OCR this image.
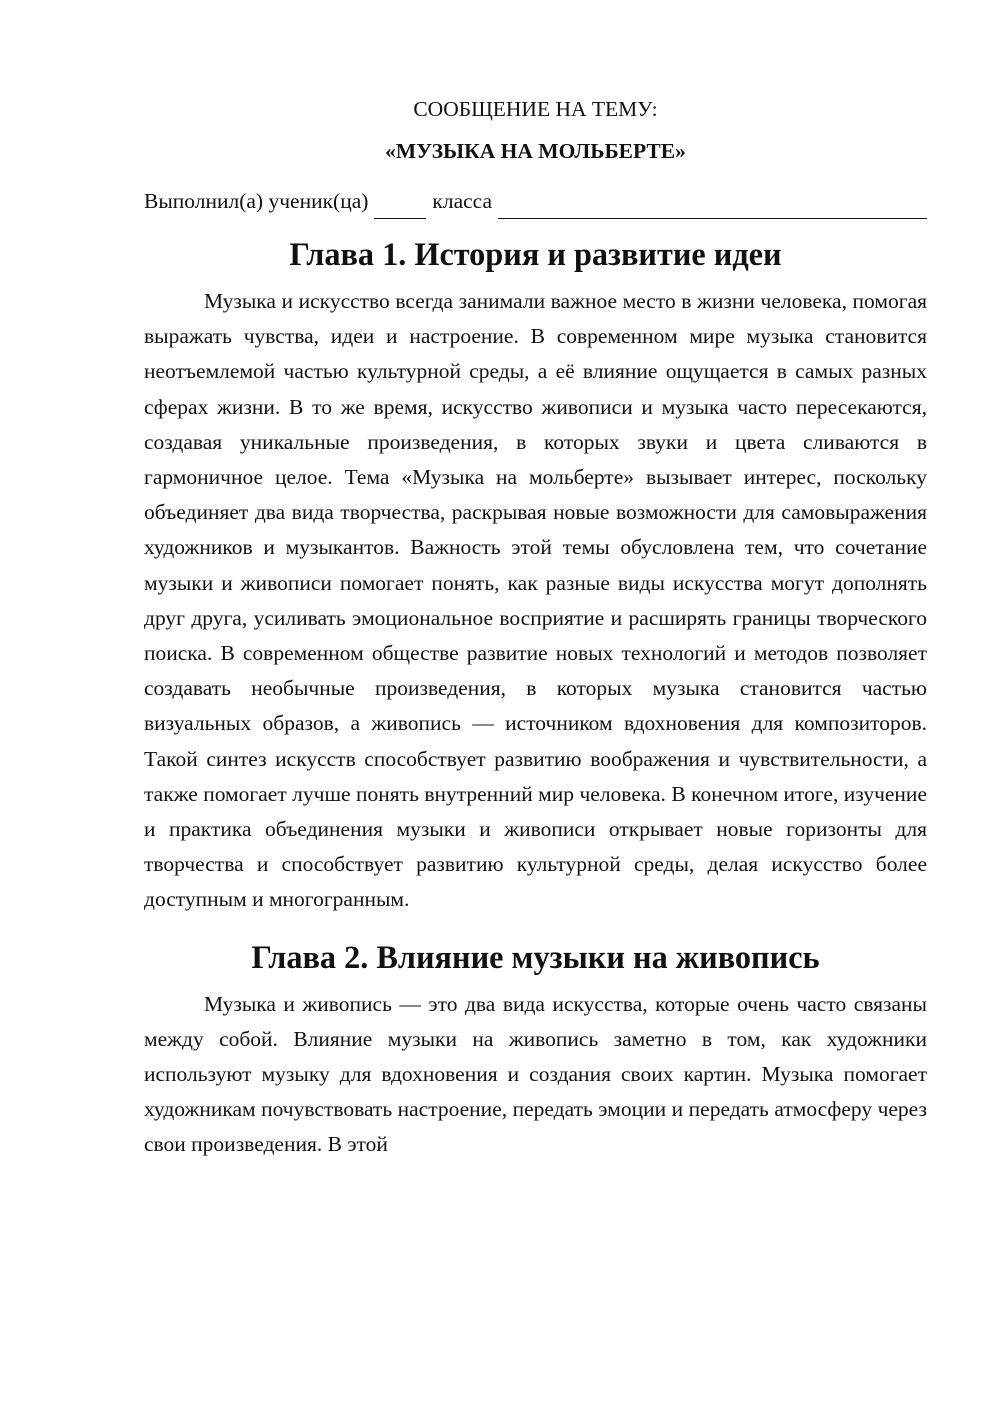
СООБЩЕНИЕ НА ТЕМУ:

«МУЗЫКА НА МОЛЬБЕРТЕ»

Выполнил(а) ученик(ца)	класса
Глава 1. История и развитие идеи

Музыка и искусство всегда занимали важное место в жизни человека, помогая выражать чувства, идеи и настроение. В современном мире музыка становится неотъемлемой частью культурной среды, а её влияние ощущается в самых разных сферах жизни. В то же время, искусство живописи и музыка часто пересекаются, создавая уникальные произведения, в которых звуки и цвета сливаются в гармоничное целое. Тема «Музыка на мольберте» вызывает интерес, поскольку объединяет два вида творчества, раскрывая новые возможности для самовыражения художников и музыкантов. Важность этой темы обусловлена тем, что сочетание музыки и живописи помогает понять, как разные виды искусства могут дополнять друг друга, усиливать эмоциональное восприятие и расширять границы творческого поиска. В современном обществе развитие новых технологий и методов позволяет создавать необычные произведения, в которых музыка становится частью визуальных образов, а живопись — источником вдохновения для композиторов. Такой синтез искусств способствует развитию воображения и чувствительности, а также помогает лучше понять внутренний мир человека. В конечном итоге, изучение и практика объединения музыки и живописи открывает новые горизонты для творчества и способствует развитию культурной среды, делая искусство более доступным и многогранным.

Глава 2. Влияние музыки на живопись

Музыка и живопись — это два вида искусства, которые очень часто связаны между собой. Влияние музыки на живопись заметно в том, как художники используют музыку для вдохновения и создания своих картин. Музыка помогает художникам почувствовать настроение, передать эмоции и передать атмосферу через свои произведения. В этой
